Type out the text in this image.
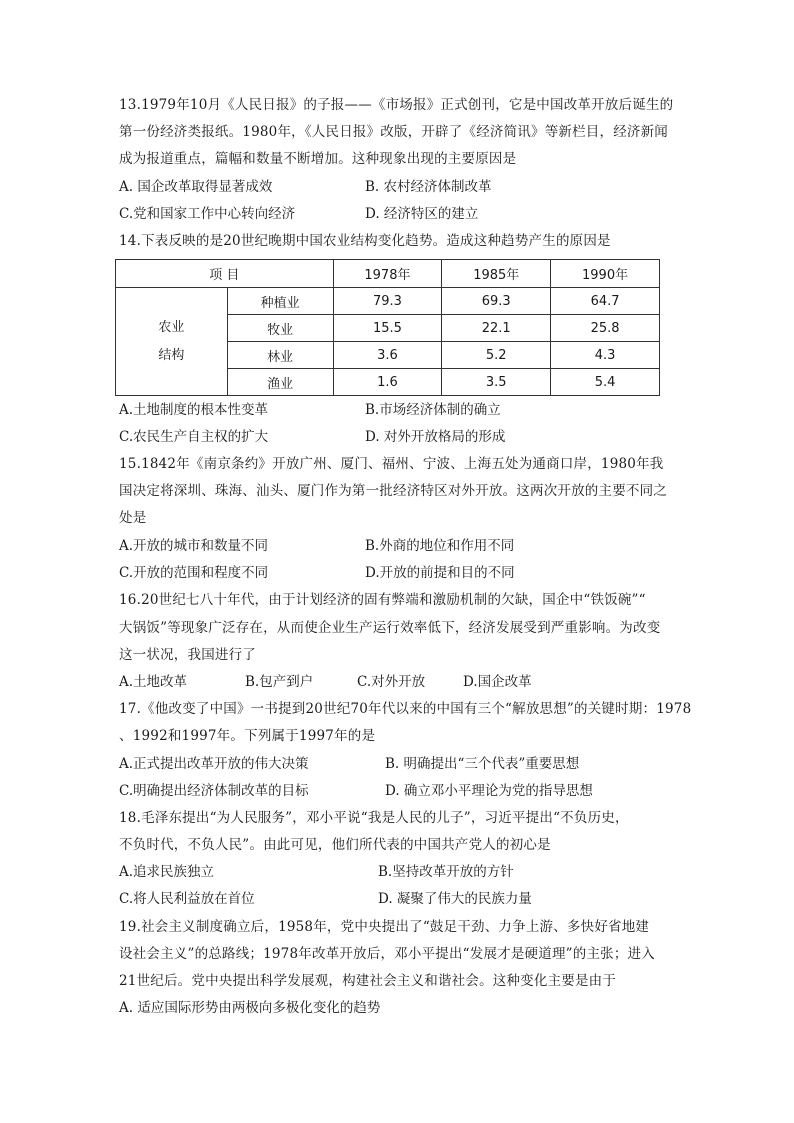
13.1979年10月《人民日报》的子报——《市场报》正式创刊，它是中国改革开放后诞生的
第一份经济类报纸。1980年，《人民日报》改版，开辟了《经济简讯》等新栏目，经济新闻
成为报道重点，篇幅和数量不断增加。这种现象出现的主要原因是
A. 国企改革取得显著成效	B. 农村经济体制改革
C.党和国家工作中心转向经济	D. 经济特区的建立
14.下表反映的是20世纪晚期中国农业结构变化趋势。造成这种趋势产生的原因是
项 目		1978年	1985年	1990年

农业
结构	种植业	79.3	69.3	64.7
	牧业	15.5	22.1	25.8
	林业	3.6	5.2	4.3
	渔业	1.6	3.5	5.4
A.土地制度的根本性变革	B.市场经济体制的确立
C.农民生产自主权的扩大	D. 对外开放格局的形成
15.1842年《南京条约》开放广州、厦门、福州、宁波、上海五处为通商口岸，1980年我
国决定将深圳、珠海、汕头、厦门作为第一批经济特区对外开放。这两次开放的主要不同之
处是
A.开放的城市和数量不同	B.外商的地位和作用不同
C.开放的范围和程度不同	D.开放的前提和目的不同
16.20世纪七八十年代，由于计划经济的固有弊端和激励机制的欠缺，国企中“铁饭碗”“
大锅饭”等现象广泛存在，从而使企业生产运行效率低下，经济发展受到严重影响。为改变
这一状况，我国进行了
A.土地改革	B.包产到户	C.对外开放	D.国企改革
17.《他改变了中国》一书提到20世纪70年代以来的中国有三个“解放思想”的关键时期：1978
、1992和1997年。下列属于1997年的是
A.正式提出改革开放的伟大决策	B. 明确提出“三个代表”重要思想
C.明确提出经济体制改革的目标	D. 确立邓小平理论为党的指导思想
18.毛泽东提出“为人民服务”，邓小平说“我是人民的儿子”，习近平提出“不负历史，
不负时代，不负人民”。由此可见，他们所代表的中国共产党人的初心是
A.追求民族独立	B.坚持改革开放的方针
C.将人民利益放在首位	D. 凝聚了伟大的民族力量
19.社会主义制度确立后，1958年，党中央提出了“鼓足干劲、力争上游、多快好省地建
设社会主义”的总路线；1978年改革开放后，邓小平提出“发展才是硬道理”的主张；进入
21世纪后。党中央提出科学发展观，构建社会主义和谐社会。这种变化主要是由于
A. 适应国际形势由两极向多极化变化的趋势
